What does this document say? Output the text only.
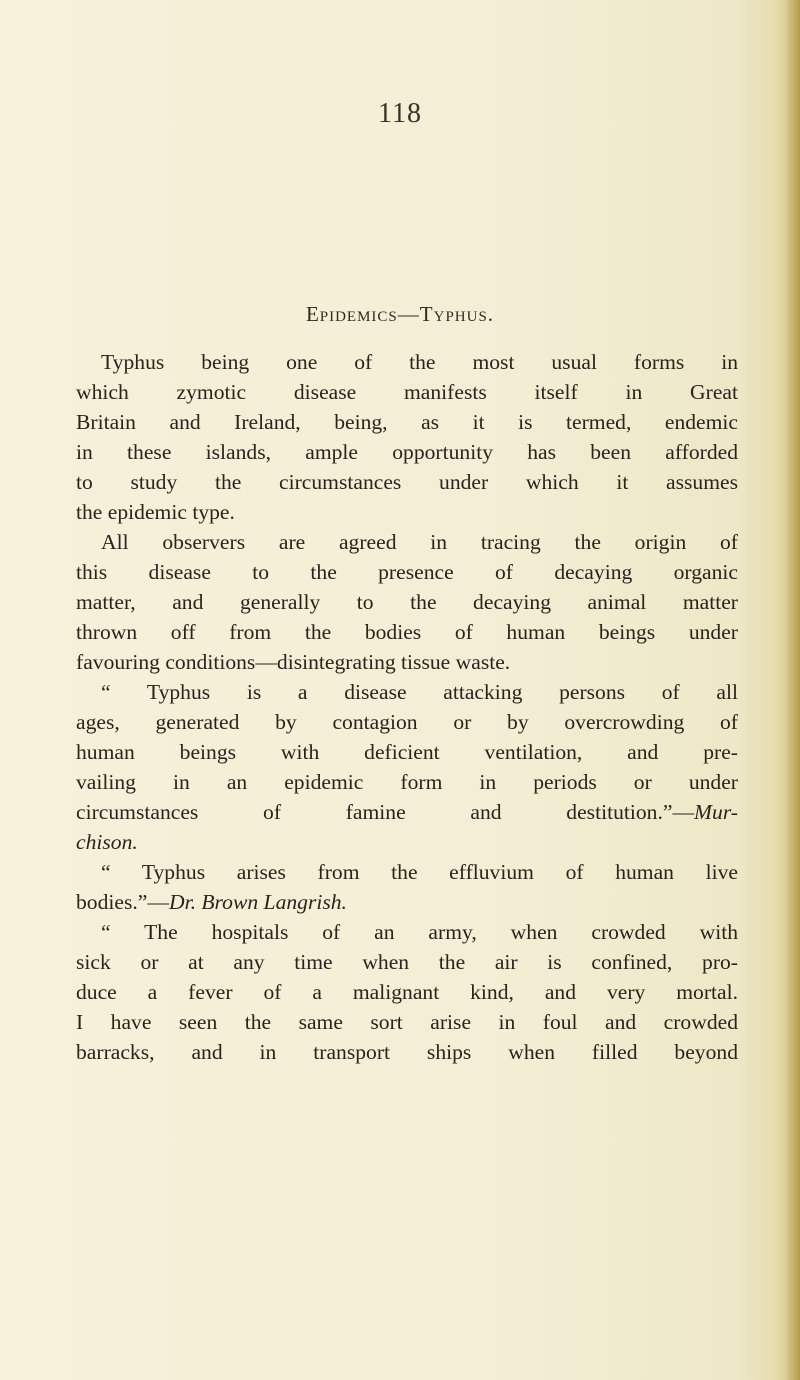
118
Epidemics—Typhus.
Typhus being one of the most usual forms in
which zymotic disease manifests itself in Great
Britain and Ireland, being, as it is termed, endemic
in these islands, ample opportunity has been afforded
to study the circumstances under which it assumes
the epidemic type.
All observers are agreed in tracing the origin of
this disease to the presence of decaying organic
matter, and generally to the decaying animal matter
thrown off from the bodies of human beings under
favouring conditions—disintegrating tissue waste.
“ Typhus is a disease attacking persons of all
ages, generated by contagion or by overcrowding of
human beings with deficient ventilation, and pre-
vailing in an epidemic form in periods or under
circumstances of famine and destitution.”—Mur-
chison.
“ Typhus arises from the effluvium of human live
bodies.”—Dr. Brown Langrish.
“ The hospitals of an army, when crowded with
sick or at any time when the air is confined, pro-
duce a fever of a malignant kind, and very mortal.
I have seen the same sort arise in foul and crowded
barracks, and in transport ships when filled beyond
